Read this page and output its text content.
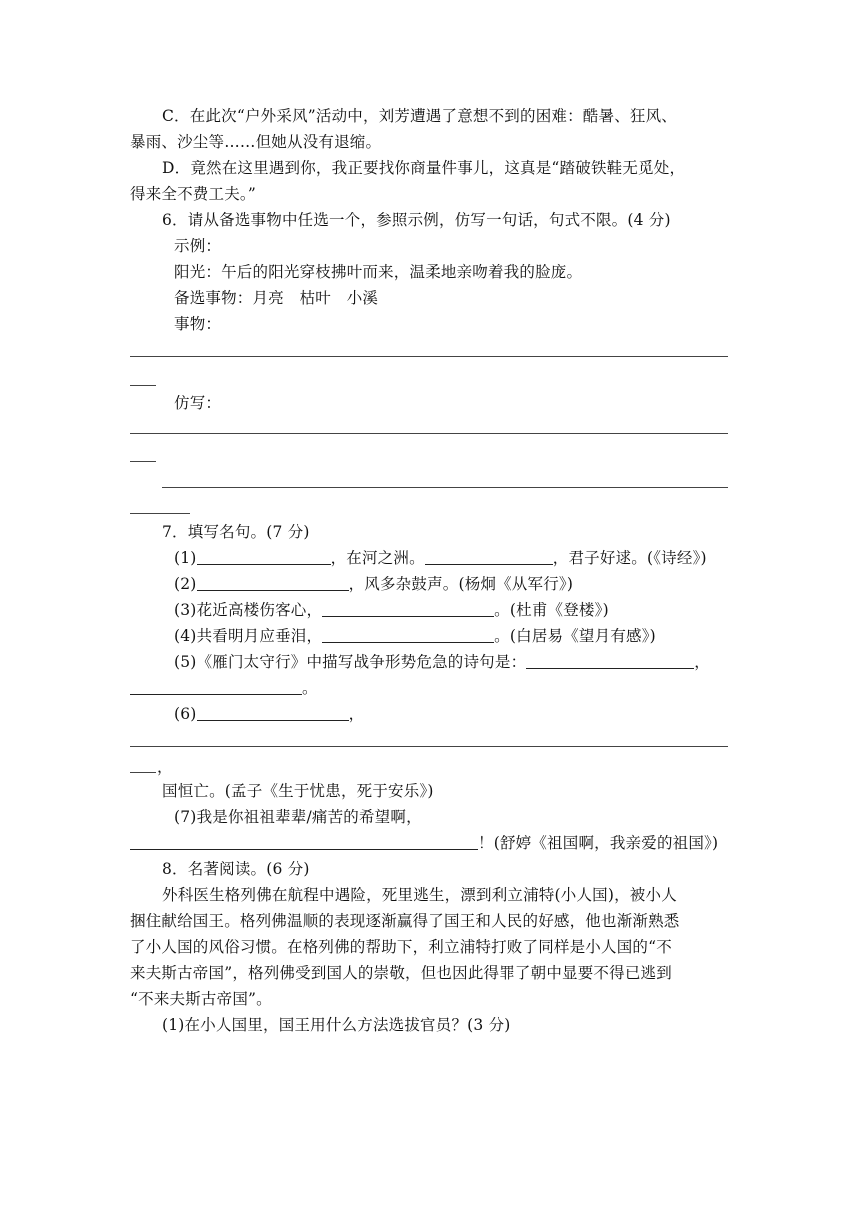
C．在此次“户外采风”活动中，刘芳遭遇了意想不到的困难：酷暑、狂风、
暴雨、沙尘等……但她从没有退缩。
D．竟然在这里遇到你，我正要找你商量件事儿，这真是“踏破铁鞋无觅处，
得来全不费工夫。”
6．请从备选事物中任选一个，参照示例，仿写一句话，句式不限。(4 分)
示例：
阳光：午后的阳光穿枝拂叶而来，温柔地亲吻着我的脸庞。
备选事物：月亮　枯叶　小溪
事物：
仿写：
7．填写名句。(7 分)
(1)	，在河之洲。	，君子好逑。(《诗经》)
(2)	，风多杂鼓声。(杨炯《从军行》)
(3)花近高楼伤客心，	。(杜甫《登楼》)
(4)共看明月应垂泪，	。(白居易《望月有感》)
(5)《雁门太守行》中描写战争形势危急的诗句是：	，
。
(6)	，
，
国恒亡。(孟子《生于忧患，死于安乐》)
(7)我是你祖祖辈辈/痛苦的希望啊，
！(舒婷《祖国啊，我亲爱的祖国》)
8．名著阅读。(6 分)
外科医生格列佛在航程中遇险，死里逃生，漂到利立浦特(小人国)，被小人
捆住献给国王。格列佛温顺的表现逐渐赢得了国王和人民的好感，他也渐渐熟悉
了小人国的风俗习惯。在格列佛的帮助下，利立浦特打败了同样是小人国的“不
来夫斯古帝国”，格列佛受到国人的崇敬，但也因此得罪了朝中显要不得已逃到
“不来夫斯古帝国”。
(1)在小人国里，国王用什么方法选拔官员？(3 分)
